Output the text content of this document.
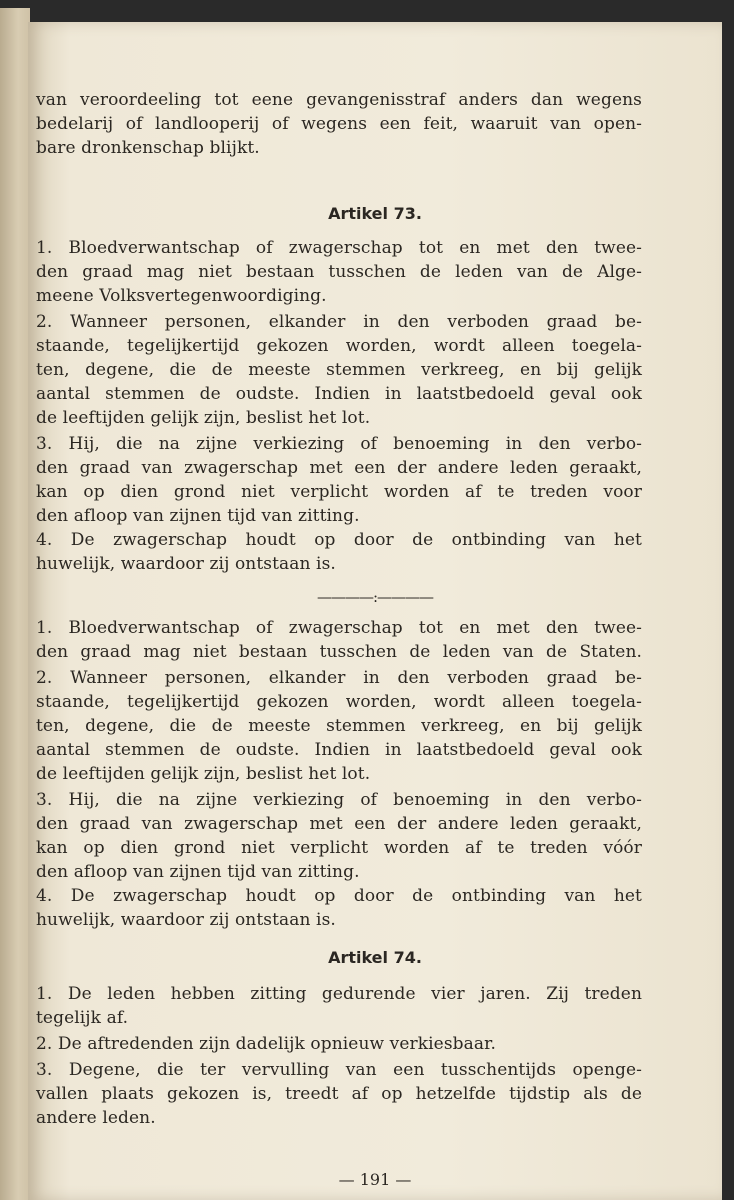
van veroordeeling tot eene gevangenisstraf anders dan wegens
bedelarij of landlooperij of wegens een feit, waaruit van open-
bare dronkenschap blijkt.
Artikel 73.
1. Bloedverwantschap of zwagerschap tot en met den twee-
den graad mag niet bestaan tusschen de leden van de Alge-
meene Volksvertegenwoordiging.
2. Wanneer personen, elkander in den verboden graad be-
staande, tegelijkertijd gekozen worden, wordt alleen toegela-
ten, degene, die de meeste stemmen verkreeg, en bij gelijk
aantal stemmen de oudste. Indien in laatstbedoeld geval ook
de leeftijden gelijk zijn, beslist het lot.
3. Hij, die na zijne verkiezing of benoeming in den verbo-
den graad van zwagerschap met een der andere leden geraakt,
kan op dien grond niet verplicht worden af te treden voor
den afloop van zijnen tijd van zitting.
4. De zwagerschap houdt op door de ontbinding van het
huwelijk, waardoor zij ontstaan is.
————:————
1. Bloedverwantschap of zwagerschap tot en met den twee-
den graad mag niet bestaan tusschen de leden van de Staten.
2. Wanneer personen, elkander in den verboden graad be-
staande, tegelijkertijd gekozen worden, wordt alleen toegela-
ten, degene, die de meeste stemmen verkreeg, en bij gelijk
aantal stemmen de oudste. Indien in laatstbedoeld geval ook
de leeftijden gelijk zijn, beslist het lot.
3. Hij, die na zijne verkiezing of benoeming in den verbo-
den graad van zwagerschap met een der andere leden geraakt,
kan op dien grond niet verplicht worden af te treden vóór
den afloop van zijnen tijd van zitting.
4. De zwagerschap houdt op door de ontbinding van het
huwelijk, waardoor zij ontstaan is.
Artikel 74.
1. De leden hebben zitting gedurende vier jaren. Zij treden
tegelijk af.
2. De aftredenden zijn dadelijk opnieuw verkiesbaar.
3. Degene, die ter vervulling van een tusschentijds openge-
vallen plaats gekozen is, treedt af op hetzelfde tijdstip als de
andere leden.
— 191 —
